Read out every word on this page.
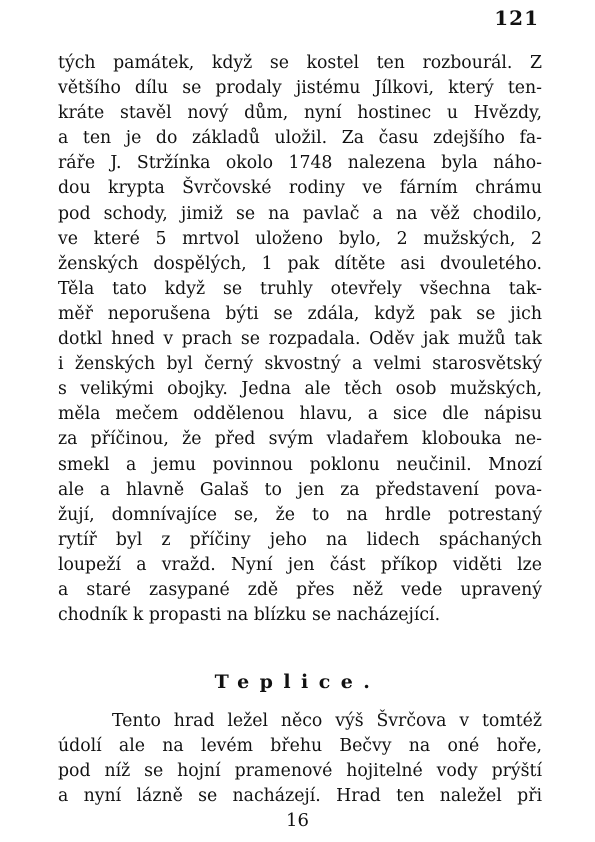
121
tých památek, když se kostel ten rozbourál. Z
většího dílu se prodaly jistému Jílkovi, který ten-
kráte stavěl nový dům, nyní hostinec u Hvězdy,
a ten je do základů uložil. Za času zdejšího fa-
ráře J. Stržínka okolo 1748 nalezena byla náho-
dou krypta Švrčovské rodiny ve fárním chrámu
pod schody, jimiž se na pavlač a na věž chodilo,
ve které 5 mrtvol uloženo bylo, 2 mužských, 2
ženských dospělých, 1 pak dítěte asi dvouletého.
Těla tato když se truhly otevřely všechna tak-
měř neporušena býti se zdála, když pak se jich
dotkl hned v prach se rozpadala. Oděv jak mužů tak
i ženských byl černý skvostný a velmi starosvětský
s velikými obojky. Jedna ale těch osob mužských,
měla mečem oddělenou hlavu, a sice dle nápisu
za příčinou, že před svým vladařem kloboukа ne-
smekl a jemu povinnou poklonu neučinil. Mnozí
ale a hlavně Galaš to jen za představení pova-
žují, domnívajíce se, že to na hrdle potrestaný
rytíř byl z příčiny jeho na lidech spáchaných
loupeží a vražd. Nyní jen část příkop viděti lze
a staré zasypané zdě přes něž vede upravený
chodník k propasti na blízku se nacházející.
Teplice.
Tento hrad ležel něco výš Švrčova v tomtéž
údolí ale na levém břehu Bečvy na oné hoře,
pod níž se hojní pramenové hojitelné vody prýští
a nyní lázně se nacházejí. Hrad ten naležel při
16
